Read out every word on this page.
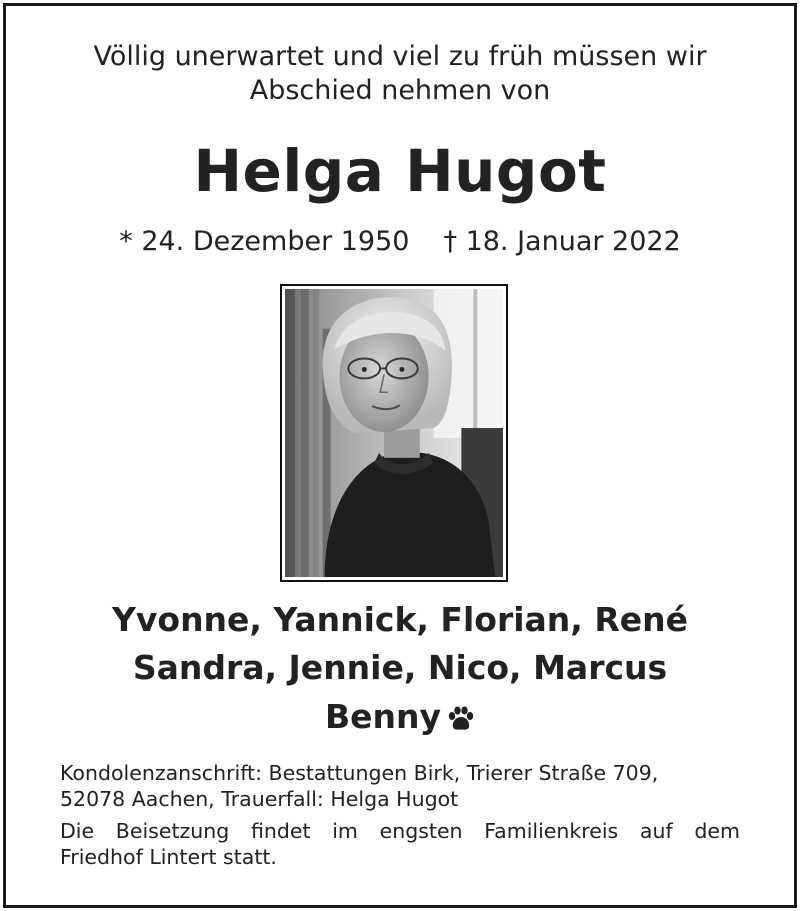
Völlig unerwartet und viel zu früh müssen wir
Abschied nehmen von
Helga Hugot
* 24. Dezember 1950 † 18. Januar 2022
Yvonne, Yannick, Florian, René
Sandra, Jennie, Nico, Marcus
Benny
Kondolenzanschrift: Bestattungen Birk, Trierer Straße 709,
52078 Aachen, Trauerfall: Helga Hugot
Die Beisetzung findet im engsten Familienkreis auf dem
Friedhof Lintert statt.
